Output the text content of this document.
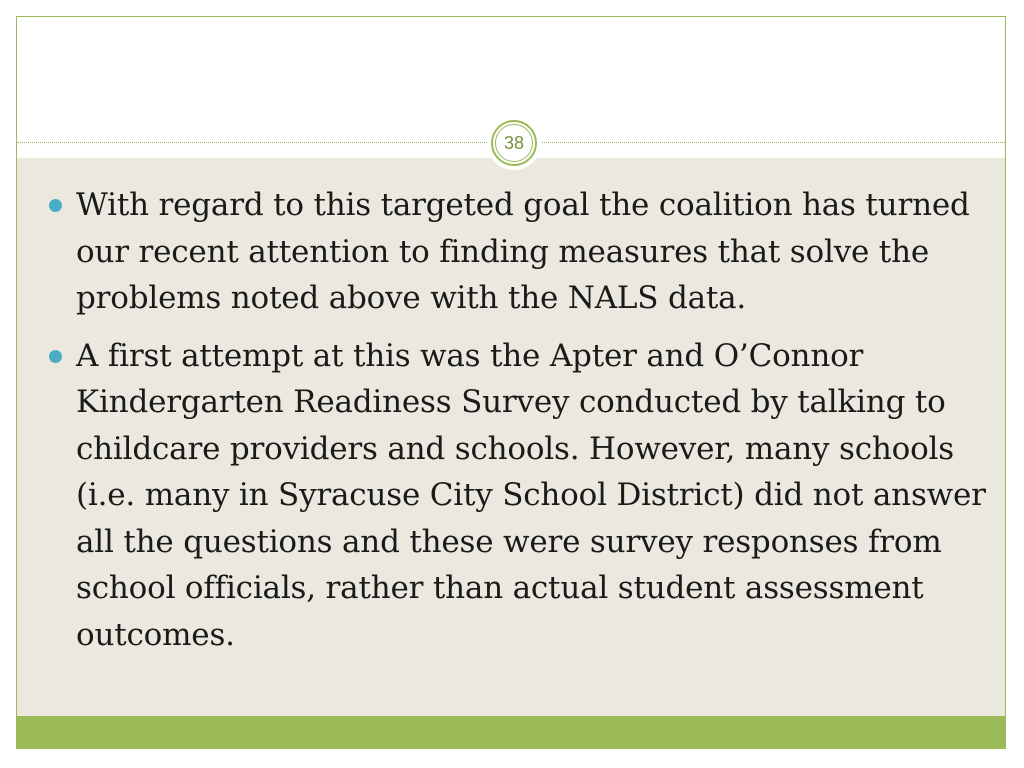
38
With regard to this targeted goal the coalition has turned our recent attention to finding measures that solve the problems noted above with the NALS data.
A first attempt at this was the Apter and O’Connor Kindergarten Readiness Survey conducted by talking to childcare providers and schools. However, many schools (i.e. many in Syracuse City School District) did not answer all the questions and these were survey responses from school officials, rather than actual student assessment outcomes.
